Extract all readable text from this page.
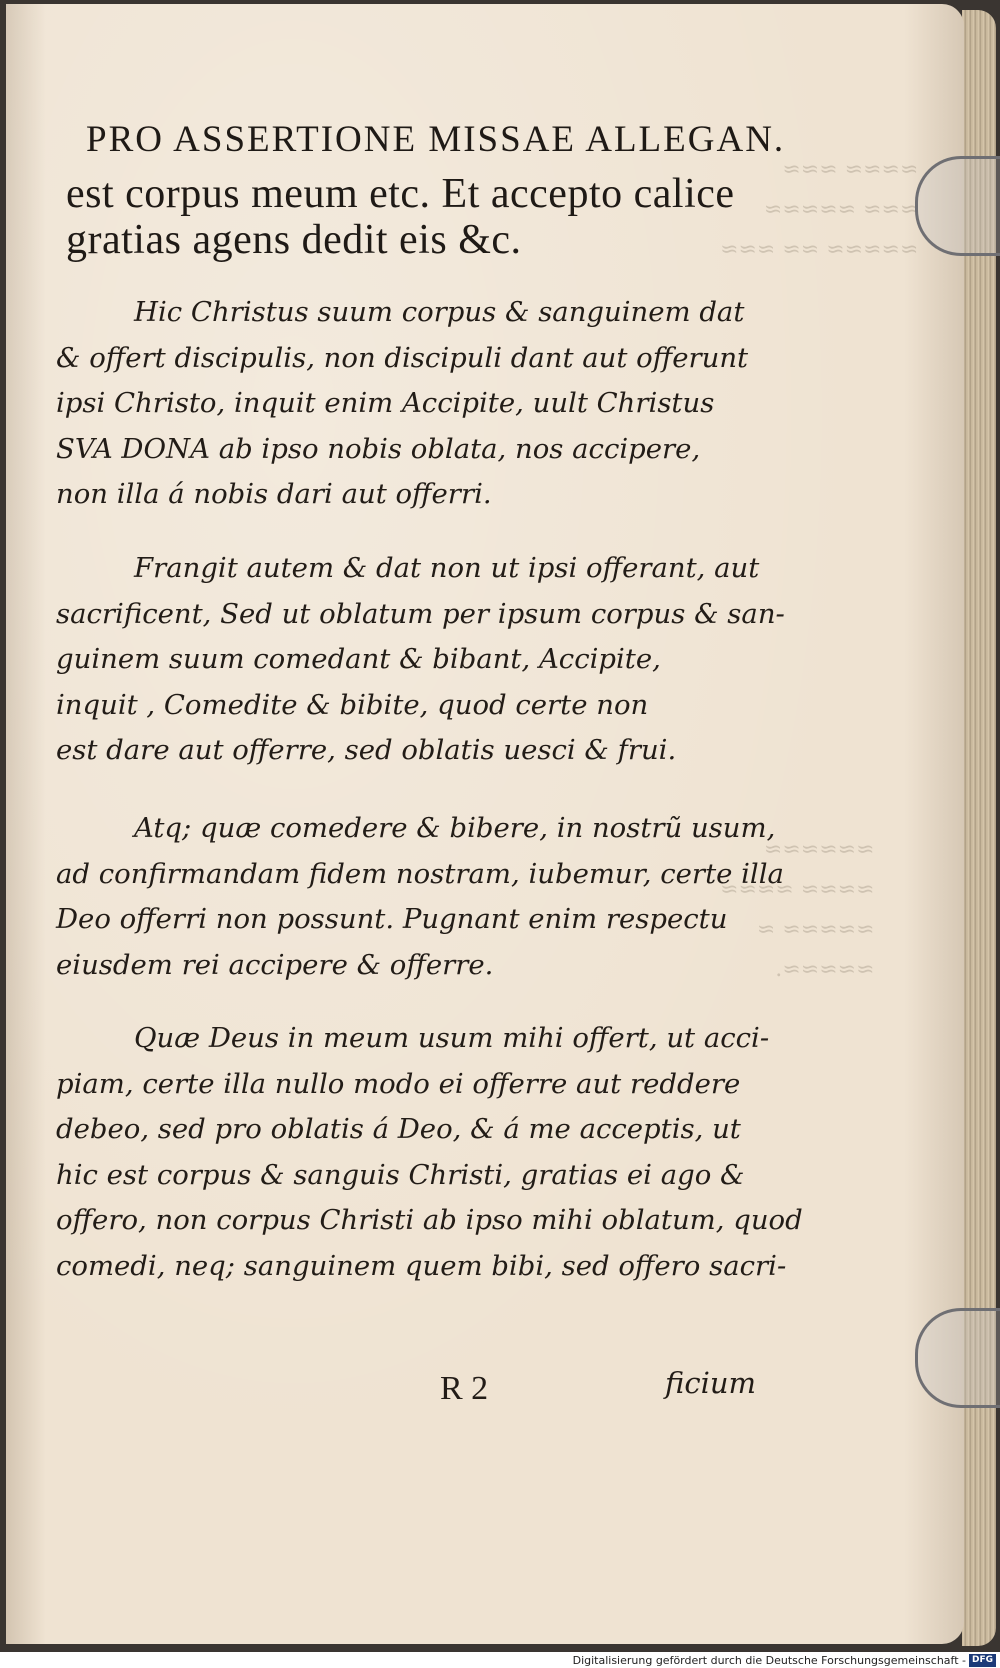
≈≈≈≈ ≈≈≈
≈≈≈ ≈≈≈≈≈
≈≈≈≈≈ ≈≈ ≈≈≈
≈≈≈≈≈≈
≈≈≈≈ ≈≈≈≈
≈≈≈≈≈ ≈
≈≈≈≈≈.
PRO ASSERTIONE MISSAE ALLEGAN.
est corpus meum etc. Et accepto calice
gratias agens dedit eis &c.
Hic Christus suum corpus & sanguinem dat
& offert discipulis, non discipuli dant aut offerunt
ipsi Christo, inquit enim Accipite, uult Christus
SVA DONA ab ipso nobis oblata, nos accipere,
non illa á nobis dari aut offerri.
Frangit autem & dat non ut ipsi offerant, aut
sacrificent, Sed ut oblatum per ipsum corpus & san-
guinem suum comedant & bibant, Accipite,
inquit , Comedite & bibite, quod certe non
est dare aut offerre, sed oblatis uesci & frui.
Atq; quæ comedere & bibere, in nostrũ usum,
ad confirmandam fidem nostram, iubemur, certe illa
Deo offerri non possunt. Pugnant enim respectu
eiusdem rei accipere & offerre.
Quæ Deus in meum usum mihi offert, ut acci-
piam, certe illa nullo modo ei offerre aut reddere
debeo, sed pro oblatis á Deo, & á me acceptis, ut
hic est corpus & sanguis Christi, gratias ei ago &
offero, non corpus Christi ab ipso mihi oblatum, quod
comedi, neq; sanguinem quem bibi, sed offero sacri-
R 2	ficium
Digitalisierung gefördert durch die Deutsche Forschungsgemeinschaft - DFG
